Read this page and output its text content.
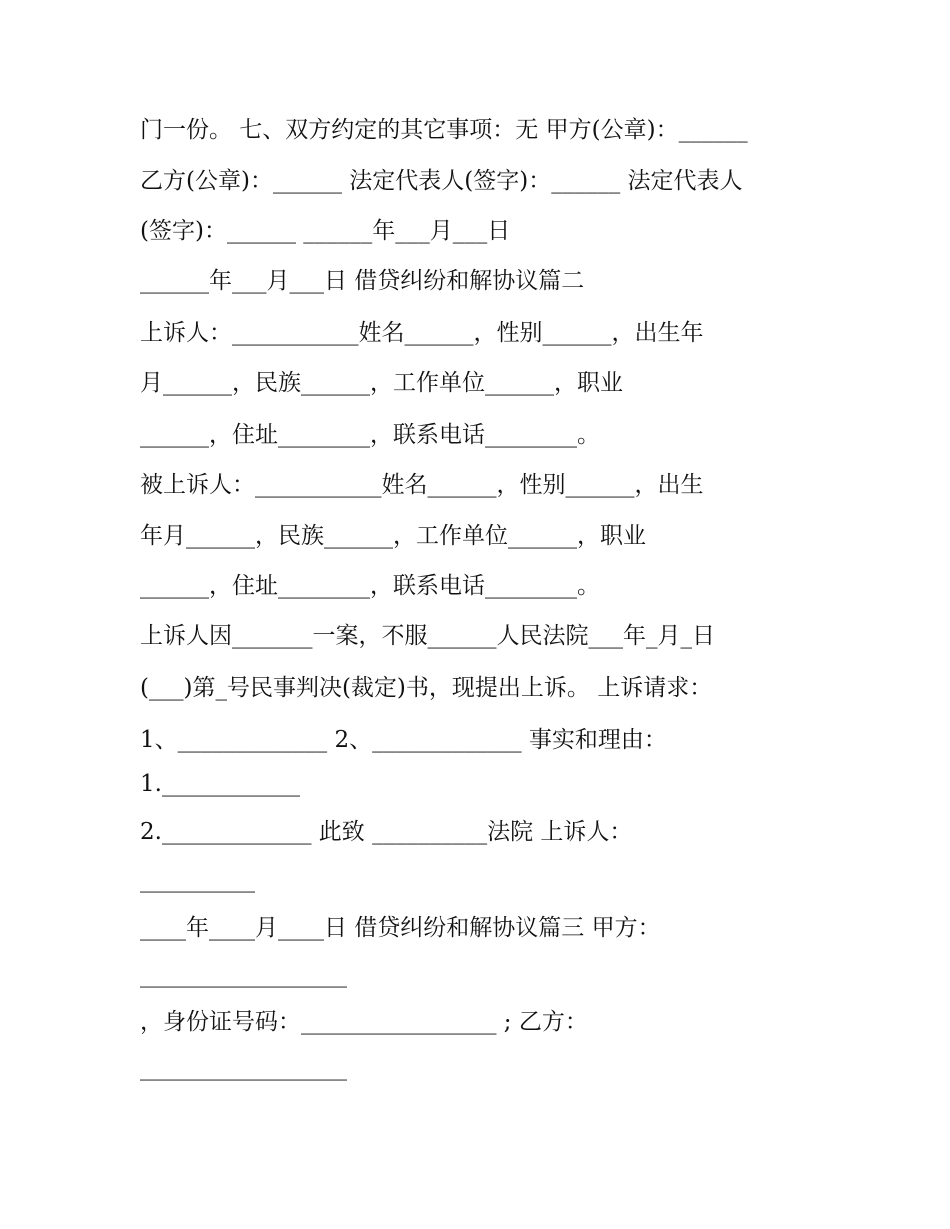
门一份。 七、双方约定的其它事项：无 甲方(公章)：______
乙方(公章)：______ 法定代表人(签字)：______ 法定代表人
(签字)：______ ______年___月___日
______年___月___日 借贷纠纷和解协议篇二
上诉人：___________姓名______，性别______，出生年
月______，民族______，工作单位______，职业
______，住址________，联系电话________。
被上诉人：___________姓名______，性别______，出生
年月______，民族______，工作单位______，职业
______，住址________，联系电话________。
上诉人因_______一案，不服______人民法院___年_月_日
(___)第_号民事判决(裁定)书，现提出上诉。 上诉请求：
1、_____________ 2、_____________ 事实和理由：
1.____________
2._____________ 此致 __________法院 上诉人：
__________
____年____月____日 借贷纠纷和解协议篇三 甲方：
__________________
，身份证号码：_________________ ; 乙方：
__________________
